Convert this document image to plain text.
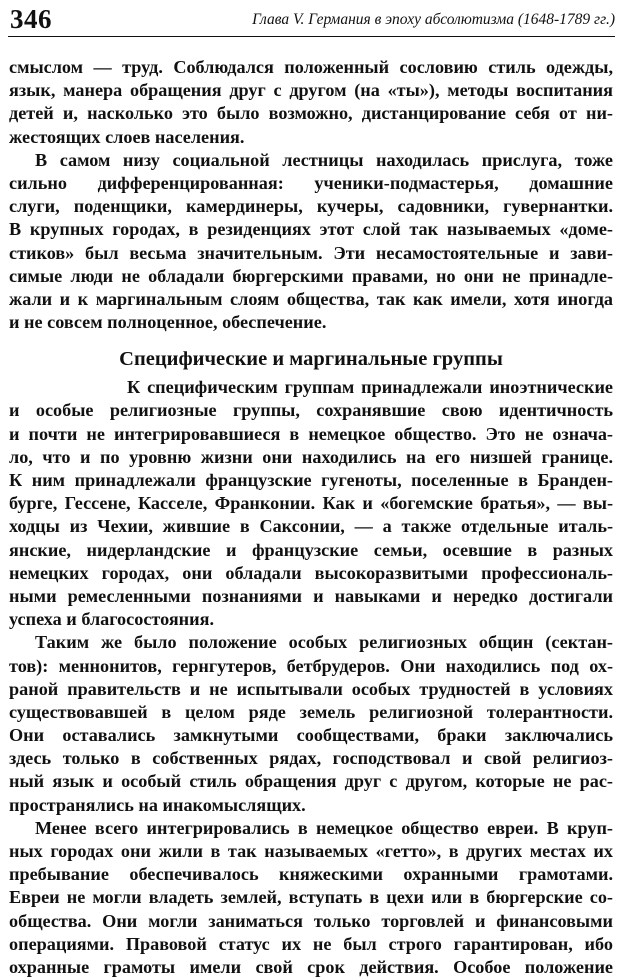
346	Глава V. Германия в эпоху абсолютизма (1648-1789 гг.)
смыслом — труд. Соблюдался положенный сословию стиль одежды,
язык, манера обращения друг с другом (на «ты»), методы воспитания
детей и, насколько это было возможно, дистанцирование себя от ни-
жестоящих слоев населения.
В самом низу социальной лестницы находилась прислуга, тоже
сильно дифференцированная: ученики-подмастерья, домашние
слуги, поденщики, камердинеры, кучеры, садовники, гувернантки.
В крупных городах, в резиденциях этот слой так называемых «доме-
стиков» был весьма значительным. Эти несамостоятельные и зави-
симые люди не обладали бюргерскими правами, но они не принадле-
жали и к маргинальным слоям общества, так как имели, хотя иногда
и не совсем полноценное, обеспечение.
Специфические и маргинальные группы
К специфическим группам принадлежали иноэтнические
и особые религиозные группы, сохранявшие свою идентичность
и почти не интегрировавшиеся в немецкое общество. Это не означа-
ло, что и по уровню жизни они находились на его низшей границе.
К ним принадлежали французские гугеноты, поселенные в Бранден-
бурге, Гессене, Касселе, Франконии. Как и «богемские братья», — вы-
ходцы из Чехии, жившие в Саксонии, — а также отдельные италь-
янские, нидерландские и французские семьи, осевшие в разных
немецких городах, они обладали высокоразвитыми профессиональ-
ными ремесленными познаниями и навыками и нередко достигали
успеха и благосостояния.
Таким же было положение особых религиозных общин (сектан-
тов): меннонитов, гернгутеров, бетбрудеров. Они находились под ох-
раной правительств и не испытывали особых трудностей в условиях
существовавшей в целом ряде земель религиозной толерантности.
Они оставались замкнутыми сообществами, браки заключались
здесь только в собственных рядах, господствовал и свой религиоз-
ный язык и особый стиль обращения друг с другом, которые не рас-
пространялись на инакомыслящих.
Менее всего интегрировались в немецкое общество евреи. В круп-
ных городах они жили в так называемых «гетто», в других местах их
пребывание обеспечивалось княжескими охранными грамотами.
Евреи не могли владеть землей, вступать в цехи или в бюргерские со-
общества. Они могли заниматься только торговлей и финансовыми
операциями. Правовой статус их не был строго гарантирован, ибо
охранные грамоты имели свой срок действия. Особое положение
